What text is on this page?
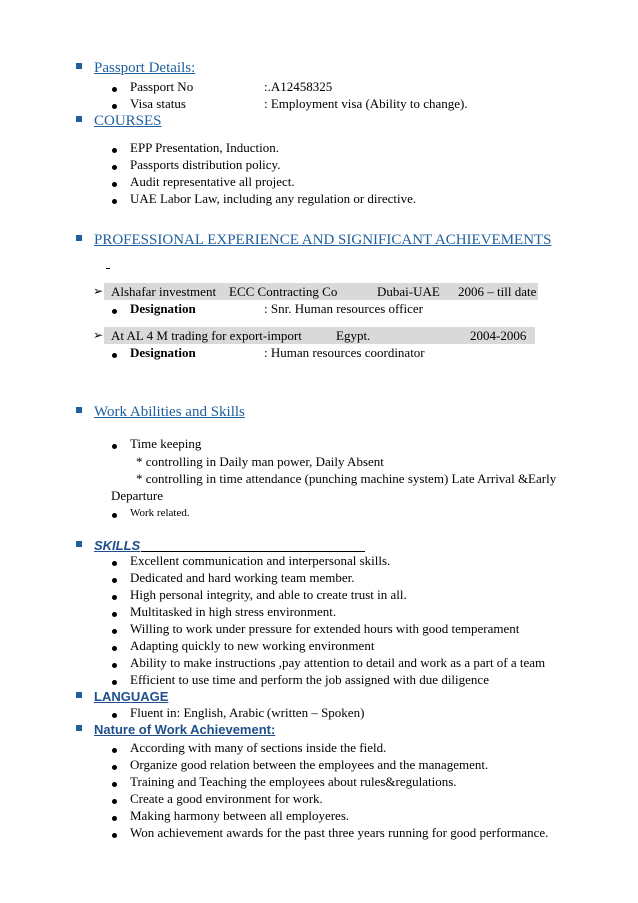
Passport Details:
Passport No	:.A12458325
Visa status	: Employment visa (Ability to change).
COURSES
EPP Presentation, Induction.
Passports distribution policy.
Audit representative all project.
UAE Labor Law, including any regulation or directive.
PROFESSIONAL EXPERIENCE AND SIGNIFICANT ACHIEVEMENTS
➢ Alshafar investment ECC Contracting Co	Dubai-UAE 2006 – till date
Designation	: Snr. Human resources officer
➢ At AL 4 M trading for export-import	Egypt.	2004-2006
Designation	: Human resources coordinator
Work Abilities and Skills
Time keeping
* controlling in Daily man power, Daily Absent
* controlling in time attendance (punching machine system) Late Arrival &Early
Departure
Work related.
SKILLS
Excellent communication and interpersonal skills.
Dedicated and hard working team member.
High personal integrity, and able to create trust in all.
Multitasked in high stress environment.
Willing to work under pressure for extended hours with good temperament
Adapting quickly to new working environment
Ability to make instructions ,pay attention to detail and work as a part of a team
Efficient to use time and perform the job assigned with due diligence
LANGUAGE
Fluent in: English, Arabic (written – Spoken)
Nature of Work Achievement:
According with many of sections inside the field.
Organize good relation between the employees and the management.
Training and Teaching the employees about rules&regulations.
Create a good environment for work.
Making harmony between all employeres.
Won achievement awards for the past three years running for good performance.
